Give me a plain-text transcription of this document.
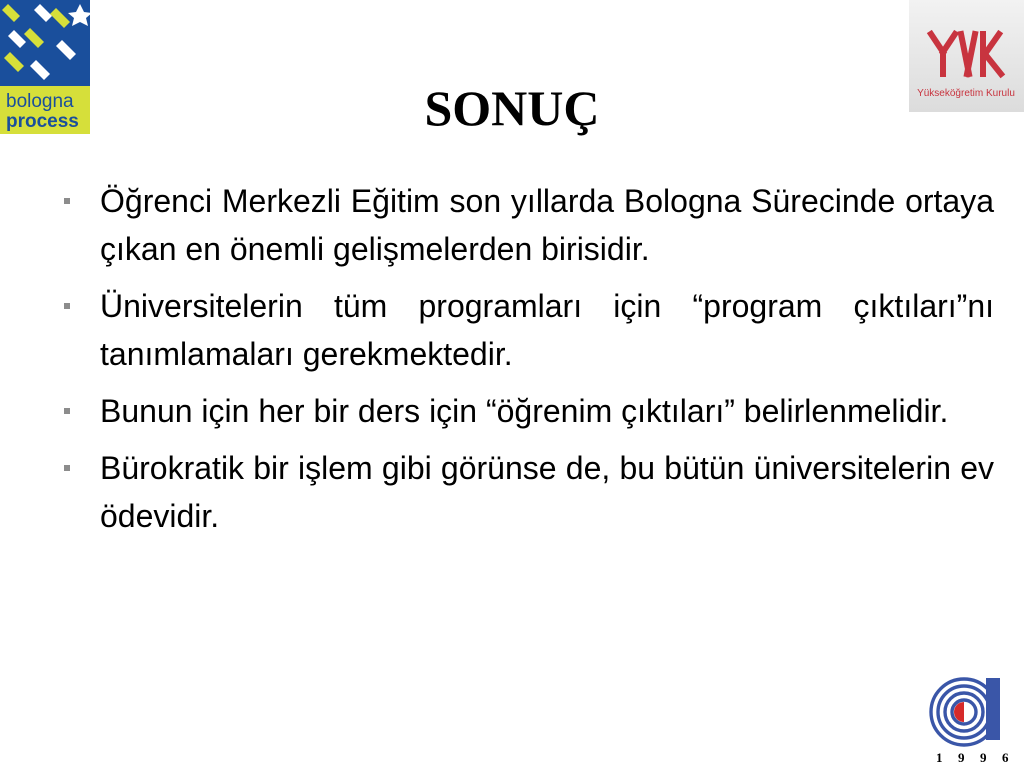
bologna
process
Yükseköğretim Kurulu
SONUÇ
Öğrenci Merkezli Eğitim son yıllarda Bologna Sürecinde ortaya çıkan en önemli gelişmelerden birisidir.
Üniversitelerin tüm programları için “program çıktıları”nı tanımlamaları gerekmektedir.
Bunun için her bir ders için “öğrenim çıktıları” belirlenmelidir.
Bürokratik bir işlem gibi görünse de, bu bütün üniversitelerin ev ödevidir.
1 9 9 6
